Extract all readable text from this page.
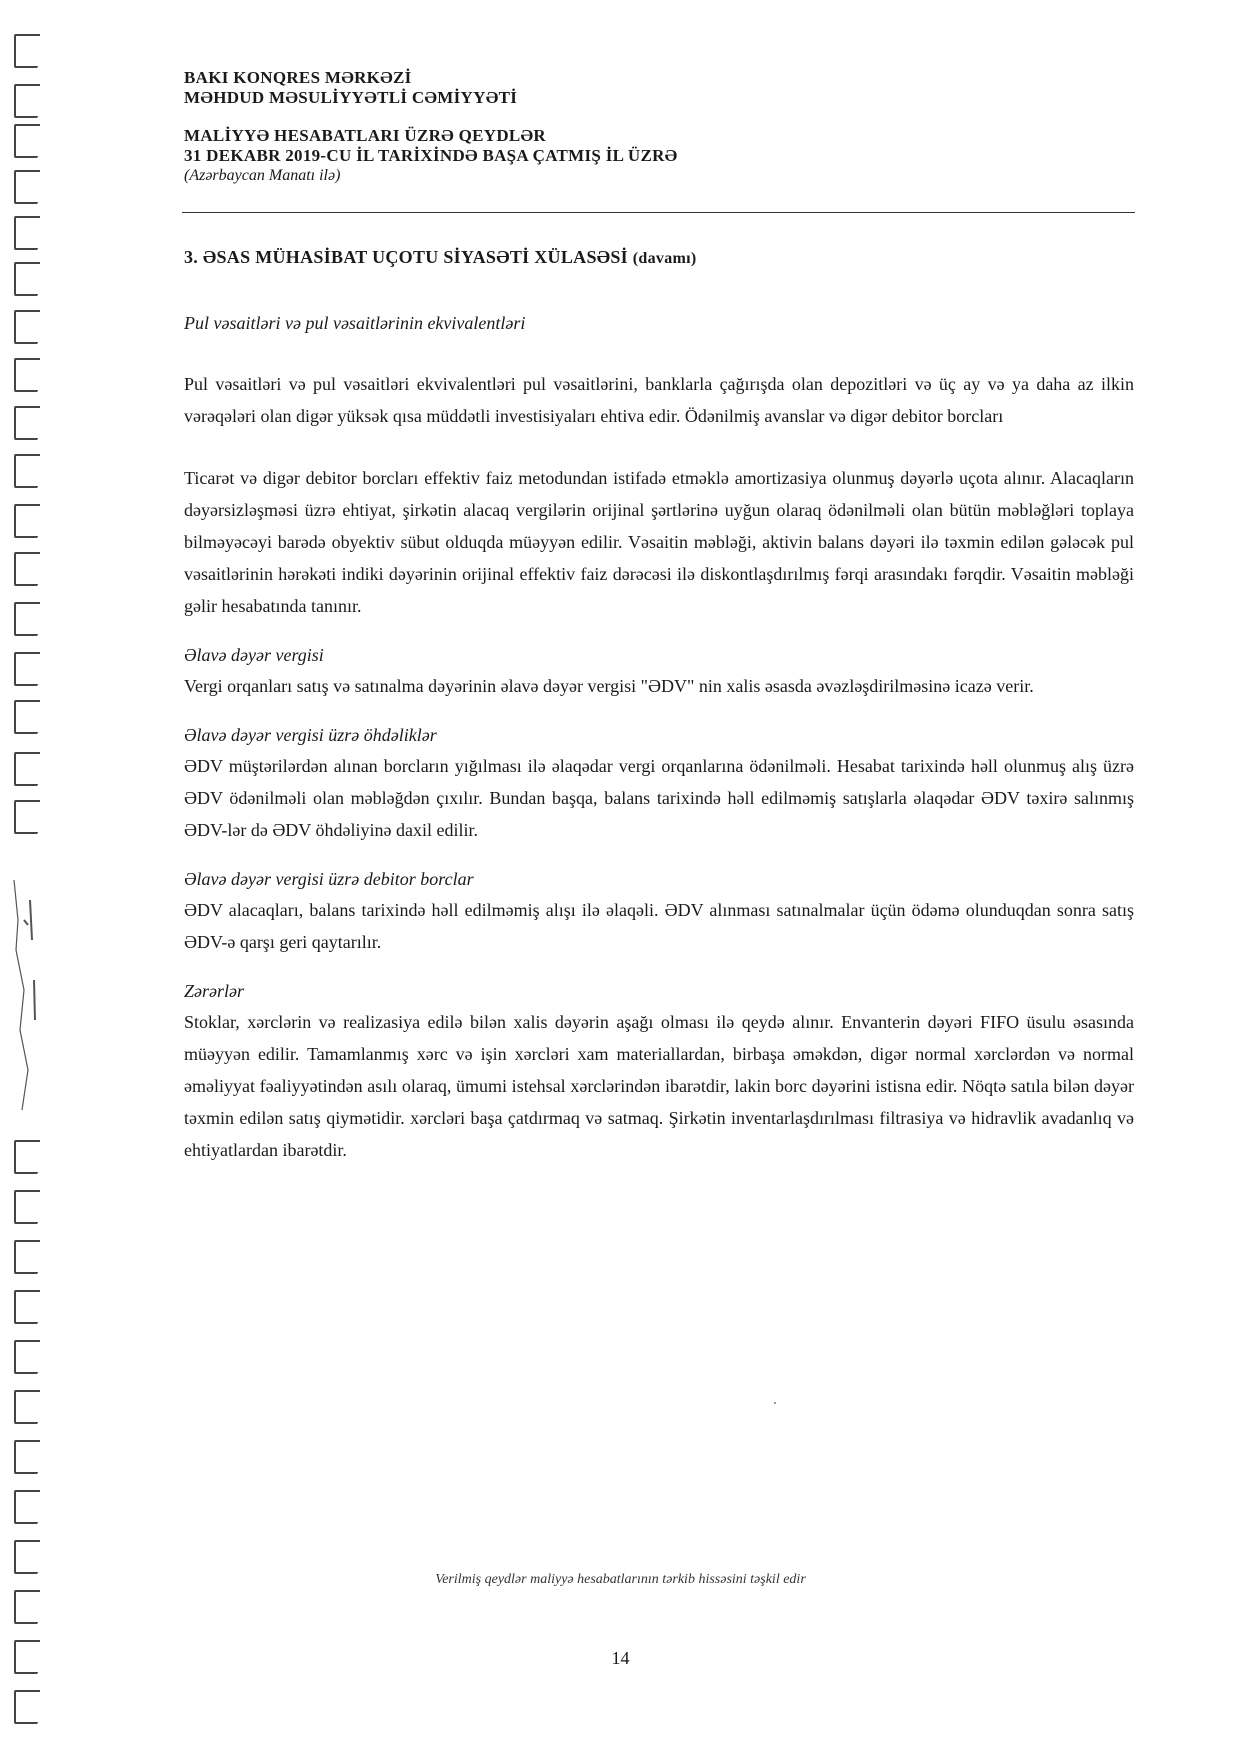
BAKI KONQRES MƏRKƏZİ
MƏHDUD MƏSULİYYƏTLİ CƏMİYYƏTİ
MALİYYƏ HESABATLARI ÜZRƏ QEYDLƏR
31 DEKABR 2019-CU İL TARİXİNDƏ BAŞA ÇATMIŞ İL ÜZRƏ
(Azərbaycan Manatı ilə)
3. ƏSAS MÜHASİBAT UÇOTU SİYASƏTİ XÜLASƏSİ (davamı)
Pul vəsaitləri və pul vəsaitlərinin ekvivalentləri
Pul vəsaitləri və pul vəsaitləri ekvivalentləri pul vəsaitlərini, banklarla çağırışda olan depozitləri və üç ay və ya daha az ilkin vərəqələri olan digər yüksək qısa müddətli investisiyaları ehtiva edir. Ödənilmiş avanslar və digər debitor borcları
Ticarət və digər debitor borcları effektiv faiz metodundan istifadə etməklə amortizasiya olunmuş dəyərlə uçota alınır. Alacaqların dəyərsizləşməsi üzrə ehtiyat, şirkətin alacaq vergilərin orijinal şərtlərinə uyğun olaraq ödənilməli olan bütün məbləğləri toplaya bilməyəcəyi barədə obyektiv sübut olduqda müəyyən edilir. Vəsaitin məbləği, aktivin balans dəyəri ilə təxmin edilən gələcək pul vəsaitlərinin hərəkəti indiki dəyərinin orijinal effektiv faiz dərəcəsi ilə diskontlaşdırılmış fərqi arasındakı fərqdir. Vəsaitin məbləği gəlir hesabatında tanınır.
Əlavə dəyər vergisi
Vergi orqanları satış və satınalma dəyərinin əlavə dəyər vergisi "ƏDV" nin xalis əsasda əvəzləşdirilməsinə icazə verir.
Əlavə dəyər vergisi üzrə öhdəliklər
ƏDV müştərilərdən alınan borcların yığılması ilə əlaqədar vergi orqanlarına ödənilməli. Hesabat tarixində həll olunmuş alış üzrə ƏDV ödənilməli olan məbləğdən çıxılır. Bundan başqa, balans tarixində həll edilməmiş satışlarla əlaqədar ƏDV təxirə salınmış ƏDV-lər də ƏDV öhdəliyinə daxil edilir.
Əlavə dəyər vergisi üzrə debitor borclar
ƏDV alacaqları, balans tarixində həll edilməmiş alışı ilə əlaqəli. ƏDV alınması satınalmalar üçün ödəmə olunduqdan sonra satış ƏDV-ə qarşı geri qaytarılır.
Zərərlər
Stoklar, xərclərin və realizasiya edilə bilən xalis dəyərin aşağı olması ilə qeydə alınır. Envanterin dəyəri FIFO üsulu əsasında müəyyən edilir. Tamamlanmış xərc və işin xərcləri xam materiallardan, birbaşa əməkdən, digər normal xərclərdən və normal əməliyyat fəaliyyətindən asılı olaraq, ümumi istehsal xərclərindən ibarətdir, lakin borc dəyərini istisna edir. Nöqtə satıla bilən dəyər təxmin edilən satış qiymətidir. xərcləri başa çatdırmaq və satmaq. Şirkətin inventarlaşdırılması filtrasiya və hidravlik avadanlıq və ehtiyatlardan ibarətdir.
Verilmiş qeydlər maliyyə hesabatlarının tərkib hissəsini təşkil edir
14
